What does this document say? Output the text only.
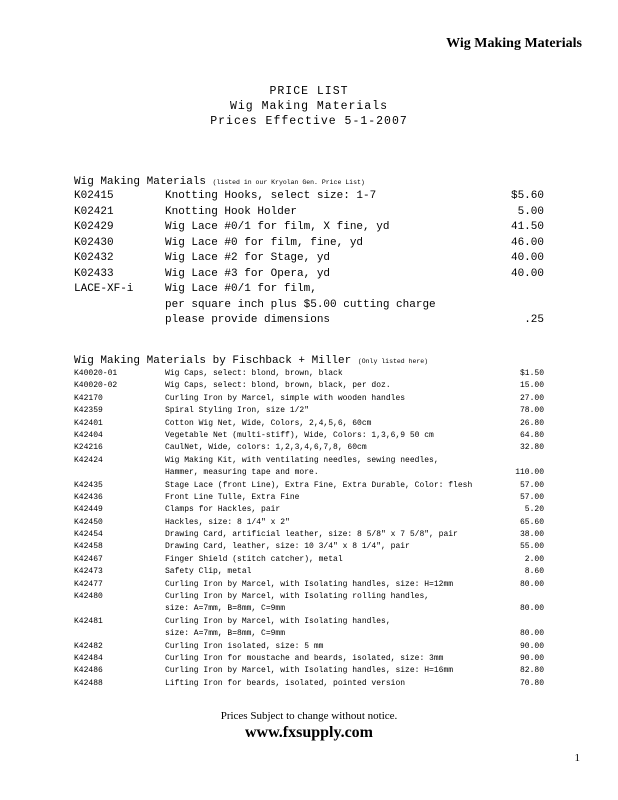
Wig Making Materials
PRICE LIST
Wig Making Materials
Prices Effective 5-1-2007
Wig Making Materials (listed in our Kryolan Gen. Price List)
K02415	Knotting Hooks, select size: 1-7	$5.60
K02421	Knotting Hook Holder	5.00
K02429	Wig Lace #0/1 for film, X fine, yd	41.50
K02430	Wig Lace #0 for film, fine, yd	46.00
K02432	Wig Lace #2 for Stage, yd	40.00
K02433	Wig Lace #3 for Opera, yd	40.00
LACE-XF-i	Wig Lace #0/1 for film,
per square inch plus $5.00 cutting charge
please provide dimensions	.25
Wig Making Materials by Fischback + Miller (Only listed here)
K40020-01	Wig Caps, select: blond, brown, black	$1.50
K40020-02	Wig Caps, select: blond, brown, black, per doz.	15.00
K42170	Curling Iron by Marcel, simple with wooden handles	27.00
K42359	Spiral Styling Iron, size 1/2"	78.00
K42401	Cotton Wig Net, Wide, Colors, 2,4,5,6, 60cm	26.80
K42404	Vegetable Net (multi-stiff), Wide, Colors: 1,3,6,9 50 cm	64.80
K24216	CaulNet, Wide, colors: 1,2,3,4,6,7,8, 60cm	32.80
K42424	Wig Making Kit, with ventilating needles, sewing needles,
Hammer, measuring tape and more.	110.00
K42435	Stage Lace (front Line), Extra Fine, Extra Durable, Color: flesh	57.00
K42436	Front Line Tulle, Extra Fine	57.00
K42449	Clamps for Hackles, pair	5.20
K42450	Hackles, size: 8 1/4" x 2"	65.60
K42454	Drawing Card, artificial leather, size: 8 5/8" x 7 5/8", pair	38.00
K42458	Drawing Card, leather, size: 10 3/4" x 8 1/4", pair	55.00
K42467	Finger Shield (stitch catcher), metal	2.00
K42473	Safety Clip, metal	8.60
K42477	Curling Iron by Marcel, with Isolating handles, size: H=12mm	80.00
K42480	Curling Iron by Marcel, with Isolating rolling handles,
size: A=7mm, B=8mm, C=9mm	80.00
K42481	Curling Iron by Marcel, with Isolating handles,
size: A=7mm, B=8mm, C=9mm	80.00
K42482	Curling Iron isolated, size: 5 mm	90.00
K42484	Curling Iron for moustache and beards, isolated, size: 3mm	90.00
K42486	Curling Iron by Marcel, with Isolating handles, size: H=16mm	82.80
K42488	Lifting Iron for beards, isolated, pointed version	70.80
Prices Subject to change without notice.
www.fxsupply.com
1
